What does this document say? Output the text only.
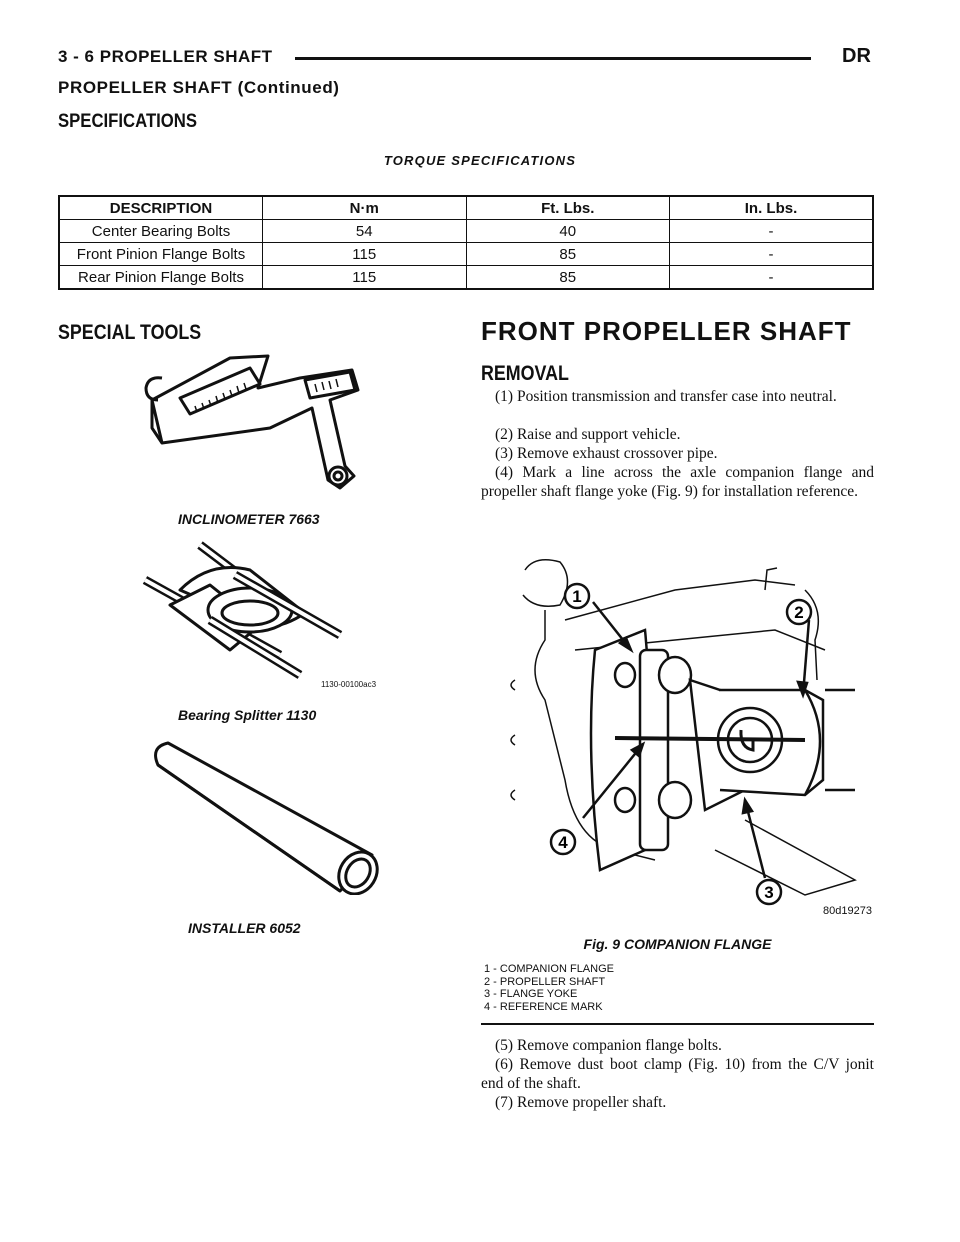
3 - 6 PROPELLER SHAFT	DR
PROPELLER SHAFT (Continued)
SPECIFICATIONS
TORQUE SPECIFICATIONS
DESCRIPTION	N·m	Ft. Lbs.	In. Lbs.
Center Bearing Bolts	54	40	-
Front Pinion Flange Bolts	115	85	-
Rear Pinion Flange Bolts	115	85	-
SPECIAL TOOLS
INCLINOMETER 7663
1130-00100ac3
Bearing Splitter 1130
INSTALLER 6052
FRONT PROPELLER SHAFT
REMOVAL
(1) Position transmission and transfer case into neutral.
(2) Raise and support vehicle.
(3) Remove exhaust crossover pipe.
(4) Mark a line across the axle companion flange and propeller shaft flange yoke (Fig. 9) for installation reference.
1
2
3
4
80d19273
Fig. 9 COMPANION FLANGE
1 - COMPANION FLANGE
2 - PROPELLER SHAFT
3 - FLANGE YOKE
4 - REFERENCE MARK
(5) Remove companion flange bolts.
(6) Remove dust boot clamp (Fig. 10) from the C/V jonit end of the shaft.
(7) Remove propeller shaft.
